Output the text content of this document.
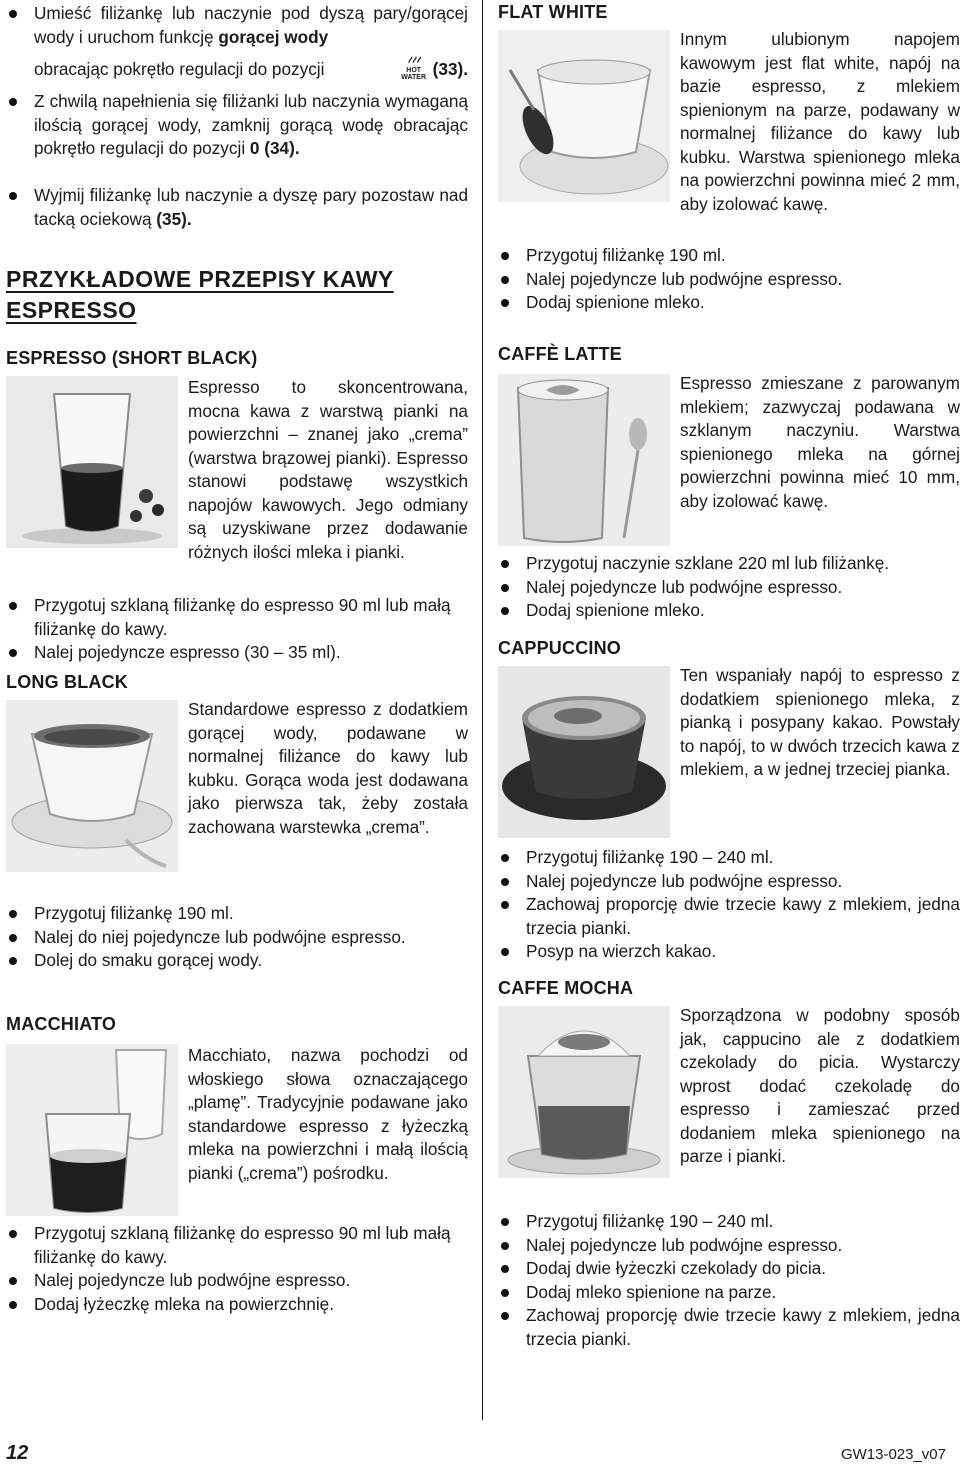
Umieść filiżankę lub naczynie pod dyszą pary/gorącej wody i uruchom funkcję gorącej wody
obracając pokrętło regulacji do pozycji	HOT
WATER (33).
Z chwilą napełnienia się filiżanki lub naczynia wymaganą ilością gorącej wody, zamknij gorącą wodę obracając pokrętło regulacji do pozycji 0 (34).
Wyjmij filiżankę lub naczynie a dyszę pary pozostaw nad tacką ociekową (35).
PRZYKŁADOWE PRZEPISY KAWY
ESPRESSO
ESPRESSO (SHORT BLACK)
Espresso to skoncentrowana, mocna kawa z warstwą pianki na powierzchni – znanej jako „crema” (warstwa brązowej pianki). Espresso stanowi podstawę wszystkich napojów kawowych. Jego odmiany są uzyskiwane przez dodawanie różnych ilości mleka i pianki.
Przygotuj szklaną filiżankę do espresso 90 ml lub małą filiżankę do kawy.
Nalej pojedyncze espresso (30 – 35 ml).
LONG BLACK
Standardowe espresso z dodatkiem gorącej wody, podawane w normalnej filiżance do kawy lub kubku. Gorąca woda jest dodawana jako pierwsza tak, żeby została zachowana warstewka „crema”.
Przygotuj filiżankę 190 ml.
Nalej do niej pojedyncze lub podwójne espresso.
Dolej do smaku gorącej wody.
MACCHIATO
Macchiato, nazwa pochodzi od włoskiego słowa oznaczającego „plamę”. Tradycyjnie podawane jako standardowe espresso z łyżeczką mleka na powierzchni i małą ilością pianki („crema”) pośrodku.
Przygotuj szklaną filiżankę do espresso 90 ml lub małą filiżankę do kawy.
Nalej pojedyncze lub podwójne espresso.
Dodaj łyżeczkę mleka na powierzchnię.
FLAT WHITE
Innym ulubionym napojem kawowym jest flat white, napój na bazie espresso, z mlekiem spienionym na parze, podawany w normalnej filiżance do kawy lub kubku. Warstwa spienionego mleka na powierzchni powinna mieć 2 mm, aby izolować kawę.
Przygotuj filiżankę 190 ml.
Nalej pojedyncze lub podwójne espresso.
Dodaj spienione mleko.
CAFFÈ LATTE
Espresso zmieszane z parowanym mlekiem; zazwyczaj podawana w szklanym naczyniu. Warstwa spienionego mleka na górnej powierzchni powinna mieć 10 mm, aby izolować kawę.
Przygotuj naczynie szklane 220 ml lub filiżankę.
Nalej pojedyncze lub podwójne espresso.
Dodaj spienione mleko.
CAPPUCCINO
Ten wspaniały napój to espresso z dodatkiem spienionego mleka, z pianką i posypany kakao. Powstały to napój, to w dwóch trzecich kawa z mlekiem, a w jednej trzeciej pianka.
Przygotuj filiżankę 190 – 240 ml.
Nalej pojedyncze lub podwójne espresso.
Zachowaj proporcję dwie trzecie kawy z mlekiem, jedna trzecia pianki.
Posyp na wierzch kakao.
CAFFE MOCHA
Sporządzona w podobny sposób jak, cappucino ale z dodatkiem czekolady do picia. Wystarczy wprost dodać czekoladę do espresso i zamieszać przed dodaniem mleka spienionego na parze i pianki.
Przygotuj filiżankę 190 – 240 ml.
Nalej pojedyncze lub podwójne espresso.
Dodaj dwie łyżeczki czekolady do picia.
Dodaj mleko spienione na parze.
Zachowaj proporcję dwie trzecie kawy z mlekiem, jedna trzecia pianki.
12	GW13-023_v07
